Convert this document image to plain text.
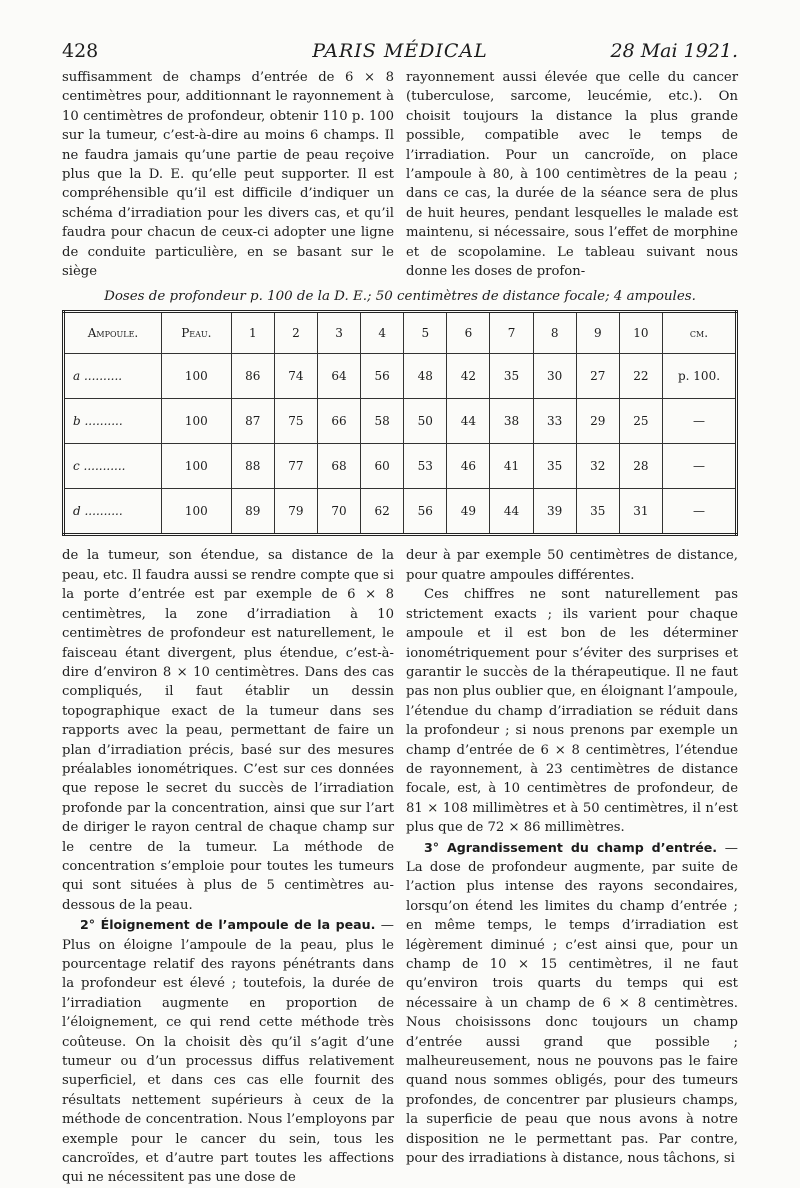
428	PARIS MÉDICAL	28 Mai 1921.

suffisamment de champs d’entrée de 6 × 8 centimètres pour, additionnant le rayonnement à 10 centimètres de profondeur, obtenir 110 p. 100 sur la tumeur, c’est-à-dire au moins 6 champs. Il ne faudra jamais qu’une partie de peau reçoive plus que la D. E. qu’elle peut supporter. Il est compréhensible qu’il est difficile d’indiquer un schéma d’irradiation pour les divers cas, et qu’il faudra pour chacun de ceux-ci adopter une ligne de conduite particulière, en se basant sur le siège

rayonnement aussi élevée que celle du cancer (tuberculose, sarcome, leucémie, etc.). On choisit toujours la distance la plus grande possible, compatible avec le temps de l’irradiation. Pour un cancroïde, on place l’ampoule à 80, à 100 centimètres de la peau ; dans ce cas, la durée de la séance sera de plus de huit heures, pendant lesquelles le malade est maintenu, si nécessaire, sous l’effet de morphine et de scopolamine. Le tableau suivant nous donne les doses de profon-

Doses de profondeur p. 100 de la D. E.; 50 centimètres de distance focale; 4 ampoules.
Ampoule.	Peau.	1	2	3	4	5	6	7	8	9	10	cm.
a ..........	100	86	74	64	56	48	42	35	30	27	22	p. 100.
b ..........	100	87	75	66	58	50	44	38	33	29	25	—
c ...........	100	88	77	68	60	53	46	41	35	32	28	—
d ..........	100	89	79	70	62	56	49	44	39	35	31	—

de la tumeur, son étendue, sa distance de la peau, etc. Il faudra aussi se rendre compte que si la porte d’entrée est par exemple de 6 × 8 centimètres, la zone d’irradiation à 10 centimètres de profondeur est naturellement, le faisceau étant divergent, plus étendue, c’est-à-dire d’environ 8 × 10 centimètres. Dans des cas compliqués, il faut établir un dessin topographique exact de la tumeur dans ses rapports avec la peau, permettant de faire un plan d’irradiation précis, basé sur des mesures préalables ionométriques. C’est sur ces données que repose le secret du succès de l’irradiation profonde par la concentration, ainsi que sur l’art de diriger le rayon central de chaque champ sur le centre de la tumeur. La méthode de concentration s’emploie pour toutes les tumeurs qui sont situées à plus de 5 centimètres au-dessous de la peau.

2° Éloignement de l’ampoule de la peau. — Plus on éloigne l’ampoule de la peau, plus le pourcentage relatif des rayons pénétrants dans la profondeur est élevé ; toutefois, la durée de l’irradiation augmente en proportion de l’éloignement, ce qui rend cette méthode très coûteuse. On la choisit dès qu’il s’agit d’une tumeur ou d’un processus diffus relativement superficiel, et dans ces cas elle fournit des résultats nettement supérieurs à ceux de la méthode de concentration. Nous l’employons par exemple pour le cancer du sein, tous les cancroïdes, et d’autre part toutes les affections qui ne nécessitent pas une dose de

deur à par exemple 50 centimètres de distance, pour quatre ampoules différentes.

Ces chiffres ne sont naturellement pas strictement exacts ; ils varient pour chaque ampoule et il est bon de les déterminer ionométriquement pour s’éviter des surprises et garantir le succès de la thérapeutique. Il ne faut pas non plus oublier que, en éloignant l’ampoule, l’étendue du champ d’irradiation se réduit dans la profondeur ; si nous prenons par exemple un champ d’entrée de 6 × 8 centimètres, l’étendue de rayonnement, à 23 centimètres de distance focale, est, à 10 centimètres de profondeur, de 81 × 108 millimètres et à 50 centimètres, il n’est plus que de 72 × 86 millimètres.

3° Agrandissement du champ d’entrée. — La dose de profondeur augmente, par suite de l’action plus intense des rayons secondaires, lorsqu’on étend les limites du champ d’entrée ; en même temps, le temps d’irradiation est légèrement diminué ; c’est ainsi que, pour un champ de 10 × 15 centimètres, il ne faut qu’environ trois quarts du temps qui est nécessaire à un champ de 6 × 8 centimètres. Nous choisissons donc toujours un champ d’entrée aussi grand que possible ; malheureusement, nous ne pouvons pas le faire quand nous sommes obligés, pour des tumeurs profondes, de concentrer par plusieurs champs, la superficie de peau que nous avons à notre disposition ne le permettant pas. Par contre, pour des irradiations à distance, nous tâchons, si
